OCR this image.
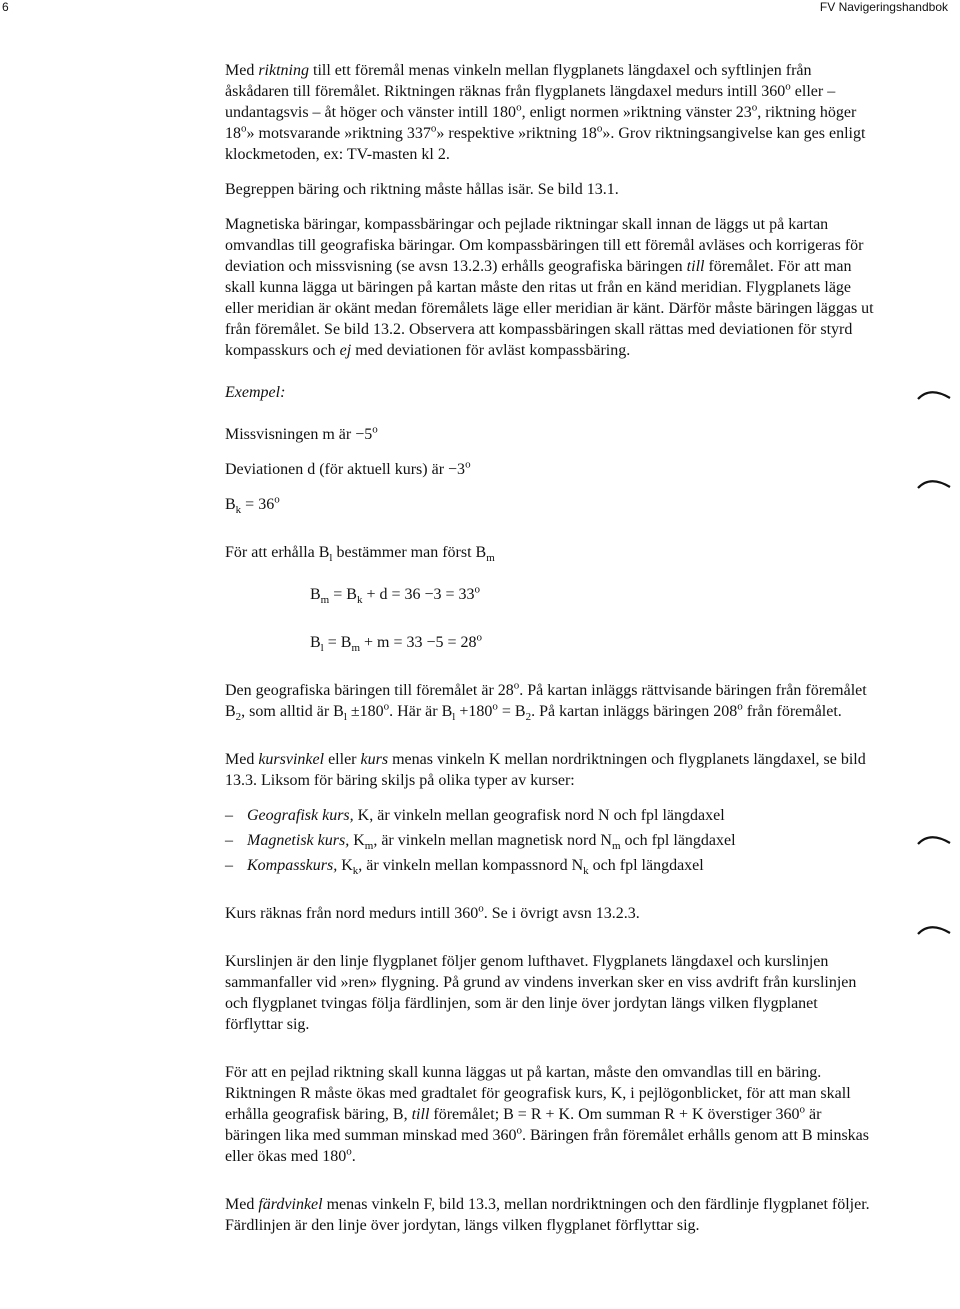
6	FV Navigeringshandbok

Med riktning till ett föremål menas vinkeln mellan flygplanets längdaxel och syftlinjen från åskådaren till föremålet. Riktningen räknas från flygplanets längdaxel medurs intill 360$^o$ eller – undantagsvis – åt höger och vänster intill 180$^o$, enligt normen »riktning vänster 23$^o$, riktning höger 18$^o$» motsvarande »riktning 337$^o$» respektive »riktning 18$^o$». Grov riktningsangivelse kan ges enligt klockmetoden, ex: TV-masten kl 2.

Begreppen bäring och riktning måste hållas isär. Se bild 13.1.

Magnetiska bäringar, kompassbäringar och pejlade riktningar skall innan de läggs ut på kartan omvandlas till geografiska bäringar. Om kompassbäringen till ett föremål avläses och korrigeras för deviation och missvisning (se avsn 13.2.3) erhålls geografiska bäringen till föremålet. För att man skall kunna lägga ut bäringen på kartan måste den ritas ut från en känd meridian. Flygplanets läge eller meridian är okänt medan föremålets läge eller meridian är känt. Därför måste bäringen läggas ut från föremålet. Se bild 13.2. Observera att kompassbäringen skall rättas med deviationen för styrd kompasskurs och ej med deviationen för avläst kompassbäring.

Exempel:

Missvisningen m är $-5^o$

Deviationen d (för aktuell kurs) är $-3^o$

$B_k = 36^o$

För att erhålla $B_l$ bestämmer man först $B_m$

$B_m = B_k + d = 36 -3 = 33^o$

$B_l = B_m + m = 33 -5 = 28^o$

Den geografiska bäringen till föremålet är 28$^o$. På kartan inläggs rättvisande bäringen från föremålet $B_2$, som alltid är $B_l \pm 180^o$. Här är $B_l +180^o = B_2$. På kartan inläggs bäringen 208$^o$ från föremålet.

Med kursvinkel eller kurs menas vinkeln K mellan nordriktningen och flygplanets längdaxel, se bild 13.3. Liksom för bäring skiljs på olika typer av kurser:

– Geografisk kurs, K, är vinkeln mellan geografisk nord N och fpl längdaxel
– Magnetisk kurs, $K_m$, är vinkeln mellan magnetisk nord $N_m$ och fpl längdaxel
– Kompasskurs, $K_k$, är vinkeln mellan kompassnord $N_k$ och fpl längdaxel

Kurs räknas från nord medurs intill 360$^o$. Se i övrigt avsn 13.2.3.

Kurslinjen är den linje flygplanet följer genom lufthavet. Flygplanets längdaxel och kurslinjen sammanfaller vid »ren» flygning. På grund av vindens inverkan sker en viss avdrift från kurslinjen och flygplanet tvingas följa färdlinjen, som är den linje över jordytan längs vilken flygplanet förflyttar sig.

För att en pejlad riktning skall kunna läggas ut på kartan, måste den omvandlas till en bäring. Riktningen R måste ökas med gradtalet för geografisk kurs, K, i pejlögonblicket, för att man skall erhålla geografisk bäring, B, till föremålet; B = R + K. Om summan R + K överstiger 360$^o$ är bäringen lika med summan minskad med 360$^o$. Bäringen från föremålet erhålls genom att B minskas eller ökas med 180$^o$.

Med färdvinkel menas vinkeln F, bild 13.3, mellan nordriktningen och den färdlinje flygplanet följer. Färdlinjen är den linje över jordytan, längs vilken flygplanet förflyttar sig.
